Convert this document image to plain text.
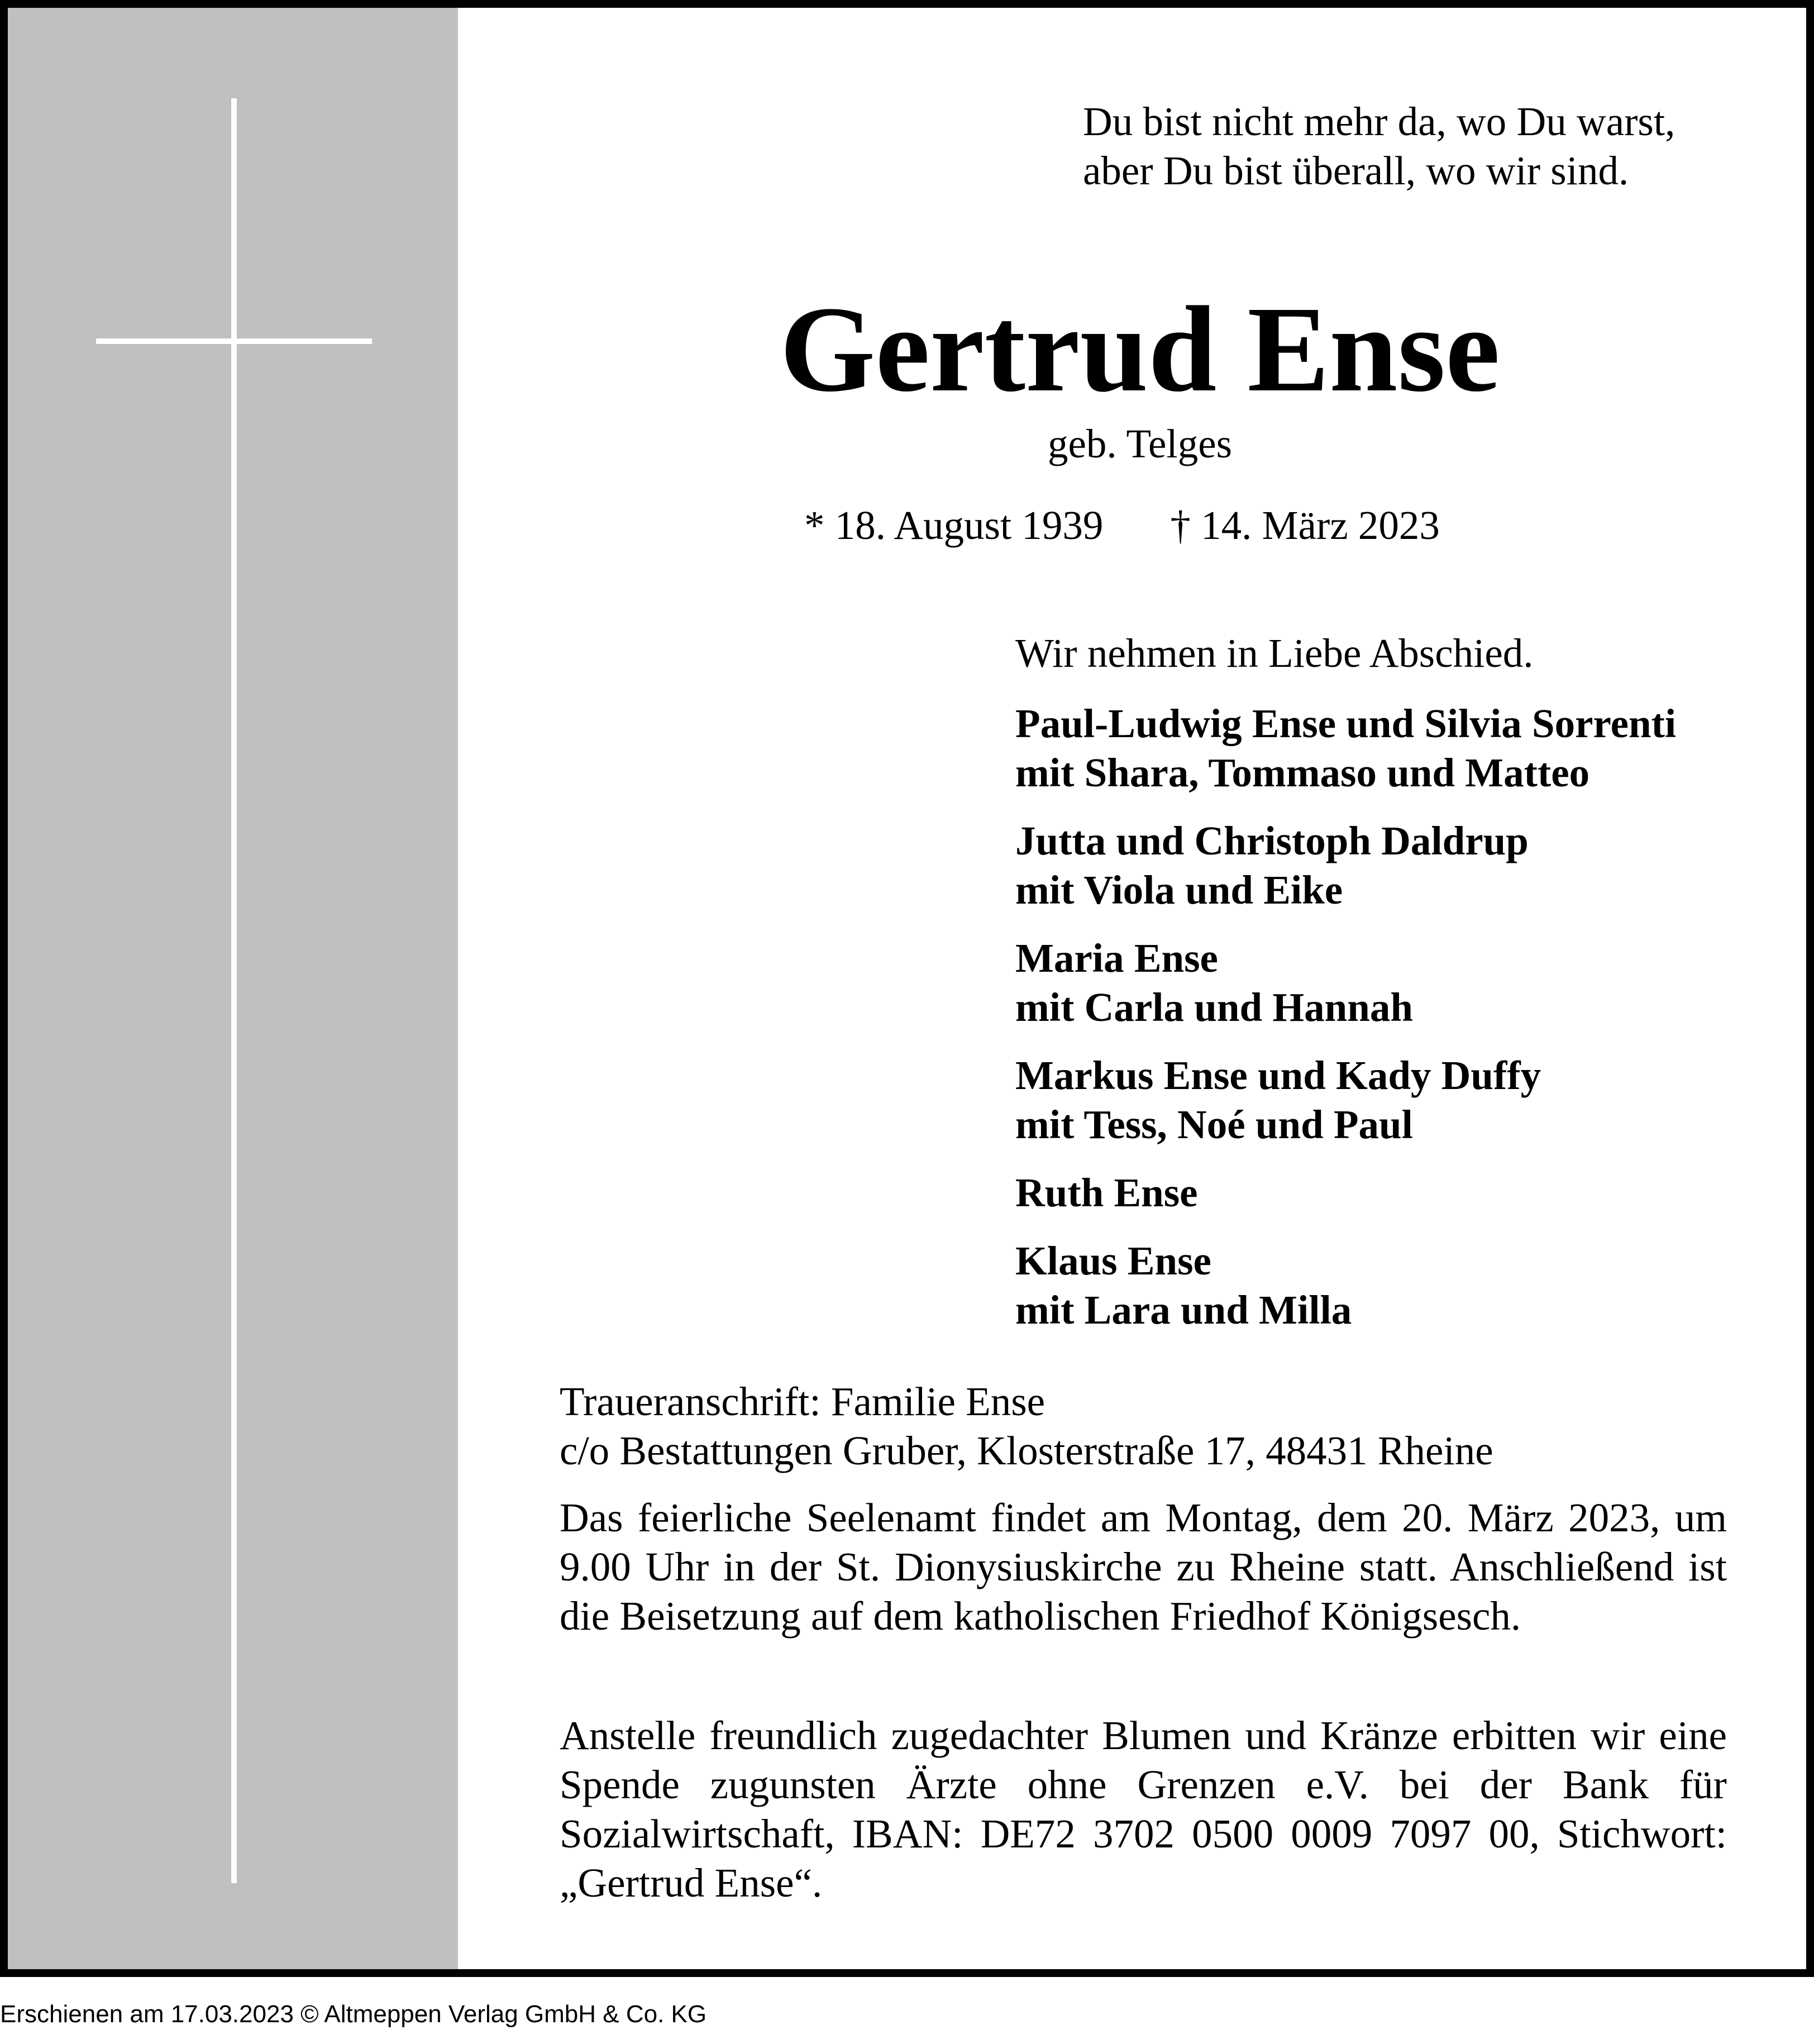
Du bist nicht mehr da, wo Du warst,
aber Du bist überall, wo wir sind.
Gertrud Ense
geb. Telges
* 18. August 1939 † 14. März 2023
Wir nehmen in Liebe Abschied.
Paul-Ludwig Ense und Silvia Sorrenti
mit Shara, Tommaso und Matteo
Jutta und Christoph Daldrup
mit Viola und Eike
Maria Ense
mit Carla und Hannah
Markus Ense und Kady Duffy
mit Tess, Noé und Paul
Ruth Ense
Klaus Ense
mit Lara und Milla
Traueranschrift: Familie Ense
c/o Bestattungen Gruber, Klosterstraße 17, 48431 Rheine
Das feierliche Seelenamt findet am Montag, dem 20. März 2023, um 9.00 Uhr in der St. Dionysiuskirche zu Rheine statt. Anschließend ist die Beisetzung auf dem katholischen Friedhof Königsesch.
Anstelle freundlich zugedachter Blumen und Kränze erbitten wir eine Spende zugunsten Ärzte ohne Grenzen e.V. bei der Bank für Sozialwirtschaft, IBAN: DE72 3702 0500 0009 7097 00, Stichwort: „Gertrud Ense“.
Erschienen am 17.03.2023 © Altmeppen Verlag GmbH & Co. KG
